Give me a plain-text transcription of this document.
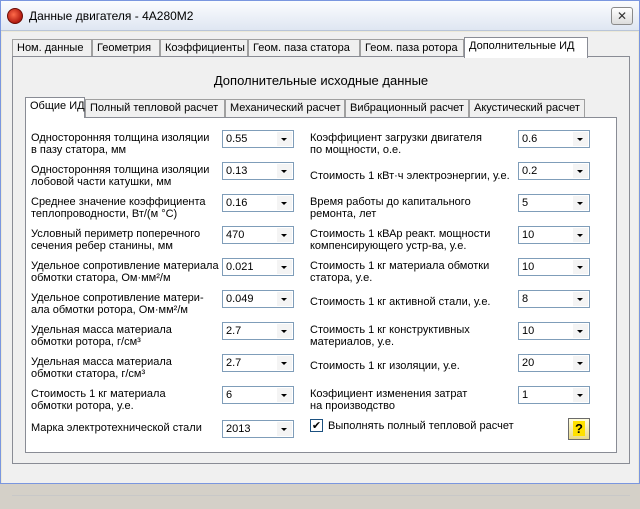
Данные двигателя - 4А280М2	✕
Ном. данные	Геометрия	Коэффициенты Геом. паза статора	Геом. паза ротора	Дополнительные ИД
Дополнительные исходные данные
Общие ИД Полный тепловой расчет	Механический расчет Вибрационный расчет Акустический расчет
Односторонняя толщина изоляции
в пазу статора, мм
0.55
Односторонняя толщина изоляции
лобовой части катушки, мм
0.13
Среднее значение коэффициента
теплопроводности, Вт/(м °С)
0.16
Условный периметр поперечного
сечения ребер станины, мм
470
Удельное сопротивление материала
обмотки статора, Ом·мм²/м
0.021
Удельное сопротивление матери-
ала обмотки ротора, Ом·мм²/м
0.049
Удельная масса материала
обмотки ротора, г/см³
2.7
Удельная масса материала
обмотки статора, г/см³
2.7
Стоимость 1 кг материала
обмотки ротора, у.е.
6
Марка электротехнической стали 2013
Коэффициент загрузки двигателя
по мощности, о.е.
0.6
Стоимость 1 кВт·ч электроэнергии, у.е. 0.2
Время работы до капитального
ремонта, лет
5
Стоимость 1 кВАр реакт. мощности
компенсирующего устр-ва, у.е.
10
Стоимость 1 кг материала обмотки
статора, у.е.
10
Стоимость 1 кг активной стали, у.е.	8
Стоимость 1 кг конструктивных
материалов, у.е.
10
Стоимость 1 кг изоляции, у.е.	20
Коэфициент изменения затрат
на производство
1
✔ Выполнять полный тепловой расчет	?
